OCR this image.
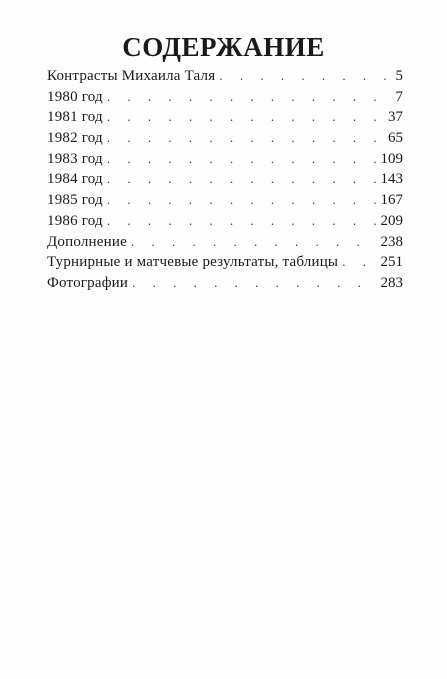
СОДЕРЖАНИЕ
Контрасты Михаила Таля . . .	5
1980 год . . .	7
1981 год . . .	37
1982 год . . .	65
1983 год . . .	109
1984 год . . .	143
1985 год . . .	167
1986 год . . .	209
Дополнение . . .	238
Турнирные и матчевые результаты, таблицы . . .	251
Фотографии . . .	283
